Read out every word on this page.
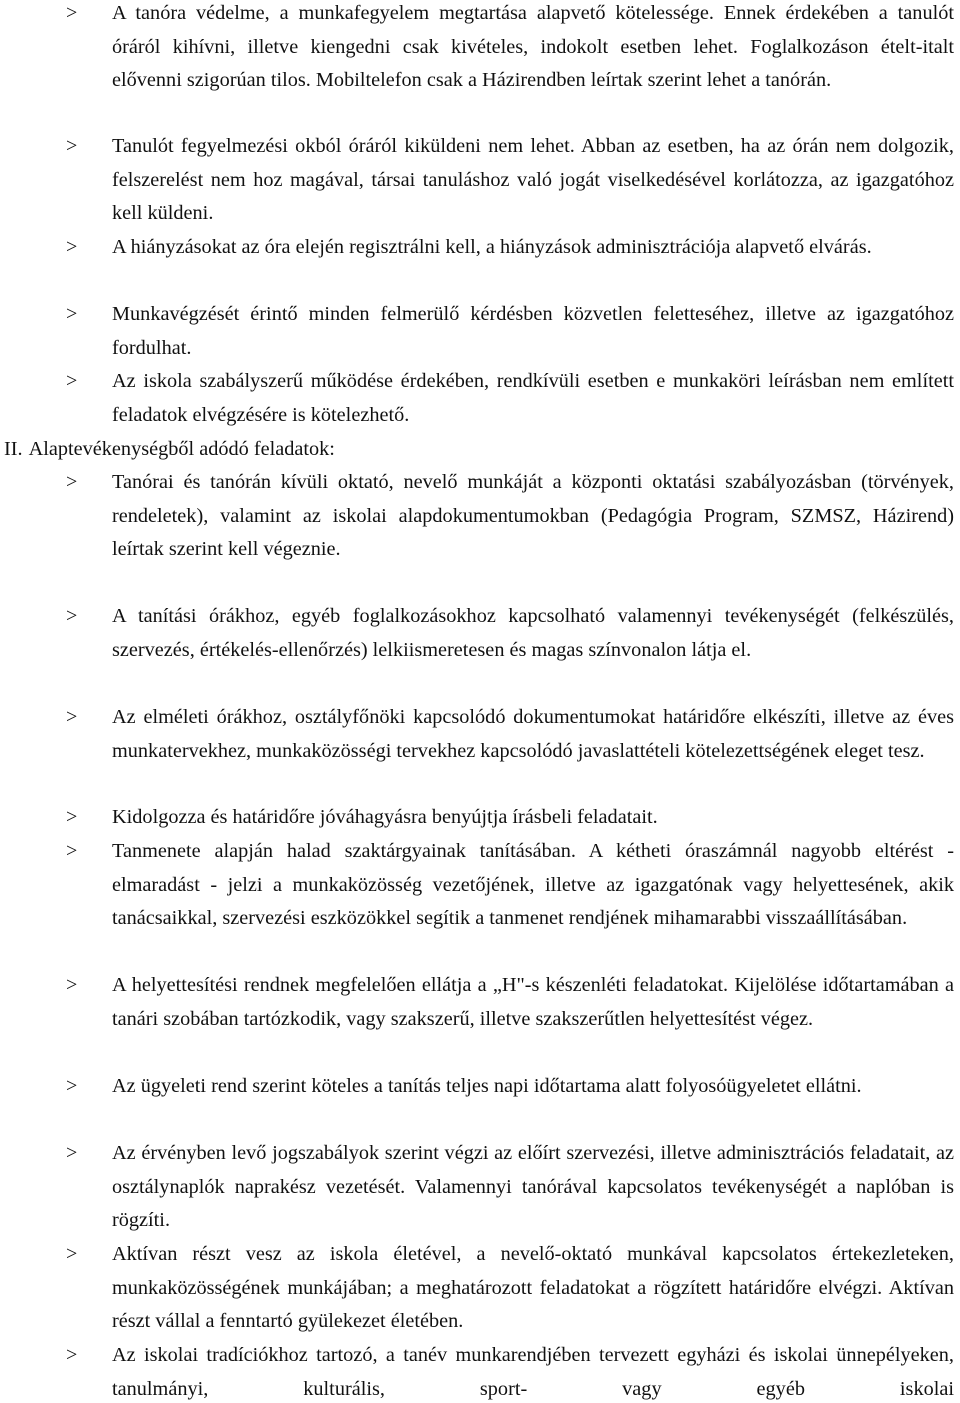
> A tanóra védelme, a munkafegyelem megtartása alapvető kötelessége. Ennek érdekében a tanulót óráról kihívni, illetve kiengedni csak kivételes, indokolt esetben lehet. Foglalkozáson ételt-italt elővenni szigorúan tilos. Mobiltelefon csak a Házirendben leírtak szerint lehet a tanórán.

> Tanulót fegyelmezési okból óráról kiküldeni nem lehet. Abban az esetben, ha az órán nem dolgozik, felszerelést nem hoz magával, társai tanuláshoz való jogát viselkedésével korlátozza, az igazgatóhoz kell küldeni.

> A hiányzásokat az óra elején regisztrálni kell, a hiányzások adminisztrációja alapvető elvárás.

> Munkavégzését érintő minden felmerülő kérdésben közvetlen feletteséhez, illetve az igazgatóhoz fordulhat.

> Az iskola szabályszerű működése érdekében, rendkívüli esetben e munkaköri leírásban nem említett feladatok elvégzésére is kötelezhető.

II. Alaptevékenységből adódó feladatok:

> Tanórai és tanórán kívüli oktató, nevelő munkáját a központi oktatási szabályozásban (törvények, rendeletek), valamint az iskolai alapdokumentumokban (Pedagógia Program, SZMSZ, Házirend) leírtak szerint kell végeznie.

> A tanítási órákhoz, egyéb foglalkozásokhoz kapcsolható valamennyi tevékenységét (felkészülés, szervezés, értékelés-ellenőrzés) lelkiismeretesen és magas színvonalon látja el.

> Az elméleti órákhoz, osztályfőnöki kapcsolódó dokumentumokat határidőre elkészíti, illetve az éves munkatervekhez, munkaközösségi tervekhez kapcsolódó javaslattételi kötelezettségének eleget tesz.

> Kidolgozza és határidőre jóváhagyásra benyújtja írásbeli feladatait.

> Tanmenete alapján halad szaktárgyainak tanításában. A kétheti óraszámnál nagyobb eltérést - elmaradást - jelzi a munkaközösség vezetőjének, illetve az igazgatónak vagy helyettesének, akik tanácsaikkal, szervezési eszközökkel segítik a tanmenet rendjének mihamarabbi visszaállításában.

> A helyettesítési rendnek megfelelően ellátja a „H"-s készenléti feladatokat. Kijelölése időtartamában a tanári szobában tartózkodik, vagy szakszerű, illetve szakszerűtlen helyettesítést végez.

> Az ügyeleti rend szerint köteles a tanítás teljes napi időtartama alatt folyosóügyeletet ellátni.

> Az érvényben levő jogszabályok szerint végzi az előírt szervezési, illetve adminisztrációs feladatait, az osztálynaplók naprakész vezetését. Valamennyi tanórával kapcsolatos tevékenységét a naplóban is rögzíti.

> Aktívan részt vesz az iskola életével, a nevelő-oktató munkával kapcsolatos értekezleteken, munkaközösségének munkájában; a meghatározott feladatokat a rögzített határidőre elvégzi. Aktívan részt vállal a fenntartó gyülekezet életében.

> Az iskolai tradíciókhoz tartozó, a tanév munkarendjében tervezett egyházi és iskolai ünnepélyeken, tanulmányi, kulturális, sport- vagy egyéb iskolai
